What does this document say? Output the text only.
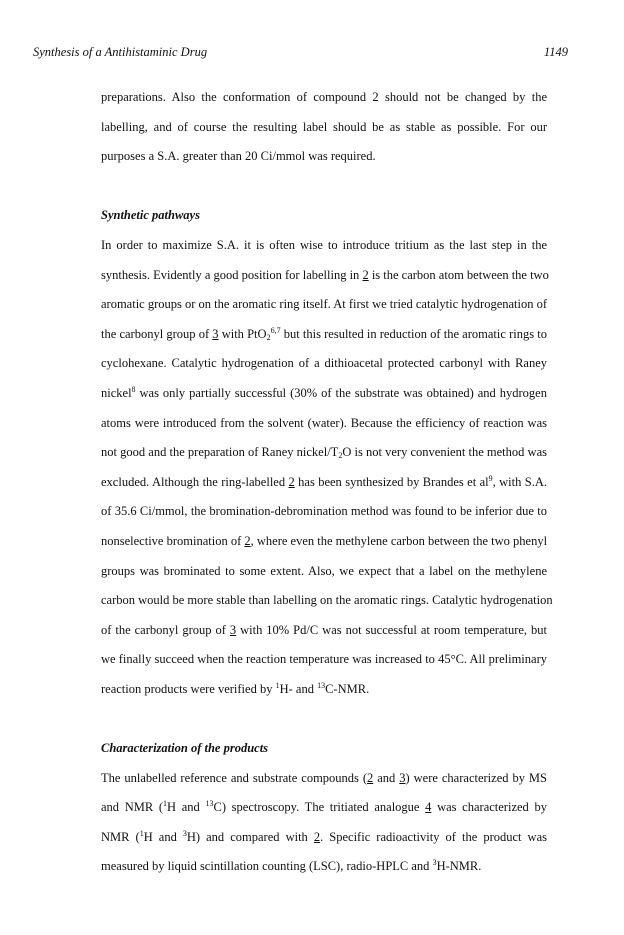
Synthesis of a Antihistaminic Drug	1149
preparations. Also the conformation of compound 2 should not be changed by the
labelling, and of course the resulting label should be as stable as possible. For our
purposes a S.A. greater than 20 Ci/mmol was required.
Synthetic pathways
In order to maximize S.A. it is often wise to introduce tritium as the last step in the
synthesis. Evidently a good position for labelling in 2 is the carbon atom between the two
aromatic groups or on the aromatic ring itself. At first we tried catalytic hydrogenation of
the carbonyl group of 3 with PtO$_2^{6,7}$ but this resulted in reduction of the aromatic rings to
cyclohexane. Catalytic hydrogenation of a dithioacetal protected carbonyl with Raney
nickel$^8$ was only partially successful (30% of the substrate was obtained) and hydrogen
atoms were introduced from the solvent (water). Because the efficiency of reaction was
not good and the preparation of Raney nickel/$T_2O$ is not very convenient the method was
excluded. Although the ring-labelled 2 has been synthesized by Brandes et $al^9$, with S.A.
of 35.6 Ci/mmol, the bromination-debromination method was found to be inferior due to
nonselective bromination of 2, where even the methylene carbon between the two phenyl
groups was brominated to some extent. Also, we expect that a label on the methylene
carbon would be more stable than labelling on the aromatic rings. Catalytic hydrogenation
of the carbonyl group of 3 with 10% Pd/C was not successful at room temperature, but
we finally succeed when the reaction temperature was increased to 45°C. All preliminary
reaction products were verified by $^1$H- and $^{13}$C-NMR.
Characterization of the products
The unlabelled reference and substrate compounds (2 and 3) were characterized by MS
and NMR ($^1$H and $^{13}$C) spectroscopy. The tritiated analogue 4 was characterized by
NMR ($^1$H and $^3$H) and compared with 2. Specific radioactivity of the product was
measured by liquid scintillation counting (LSC), radio-HPLC and $^3$H-NMR.
